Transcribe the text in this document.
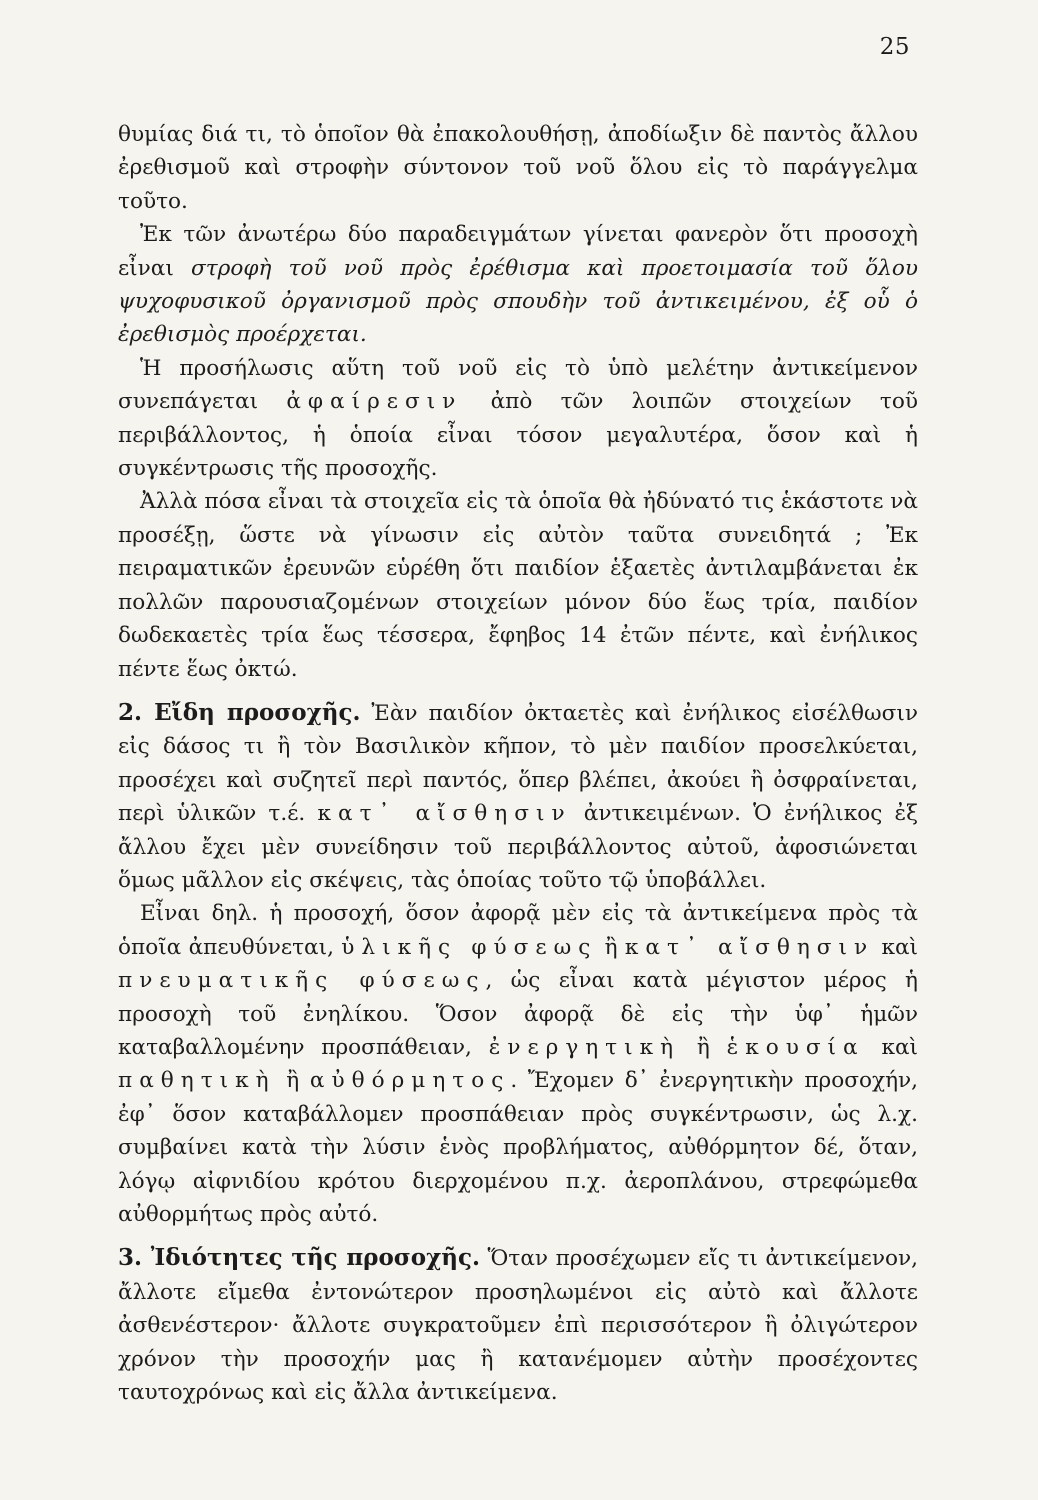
25

θυμίας διά τι, τὸ ὁποῖον θὰ ἐπακολουθήσῃ, ἀποδίωξιν δὲ παντὸς ἄλλου ἐρεθισμοῦ καὶ στροφὴν σύντονον τοῦ νοῦ ὅλου εἰς τὸ παράγγελμα τοῦτο.

Ἐκ τῶν ἀνωτέρω δύο παραδειγμάτων γίνεται φανερὸν ὅτι προσοχὴ εἶναι στροφὴ τοῦ νοῦ πρὸς ἐρέθισμα καὶ προετοιμασία τοῦ ὅλου ψυχοφυσικοῦ ὀργανισμοῦ πρὸς σπουδὴν τοῦ ἀντικειμένου, ἐξ οὗ ὁ ἐρεθισμὸς προέρχεται.

Ἡ προσήλωσις αὕτη τοῦ νοῦ εἰς τὸ ὑπὸ μελέτην ἀντικείμενον συνεπάγεται ἀφαίρεσιν ἀπὸ τῶν λοιπῶν στοιχείων τοῦ περιβάλλοντος, ἡ ὁποία εἶναι τόσον μεγαλυτέρα, ὅσον καὶ ἡ συγκέντρωσις τῆς προσοχῆς.

Ἀλλὰ πόσα εἶναι τὰ στοιχεῖα εἰς τὰ ὁποῖα θὰ ἠδύνατό τις ἑκάστοτε νὰ προσέξῃ, ὥστε νὰ γίνωσιν εἰς αὐτὸν ταῦτα συνειδητά ; Ἐκ πειραματικῶν ἐρευνῶν εὑρέθη ὅτι παιδίον ἑξαετὲς ἀντιλαμβάνεται ἐκ πολλῶν παρουσιαζομένων στοιχείων μόνον δύο ἕως τρία, παιδίον δωδεκαετὲς τρία ἕως τέσσερα, ἔφηβος 14 ἐτῶν πέντε, καὶ ἐνήλικος πέντε ἕως ὀκτώ.

2. Εἴδη προσοχῆς. Ἐὰν παιδίον ὀκταετὲς καὶ ἐνήλικος εἰσέλθωσιν εἰς δάσος τι ἢ τὸν Βασιλικὸν κῆπον, τὸ μὲν παιδίον προσελκύεται, προσέχει καὶ συζητεῖ περὶ παντός, ὅπερ βλέπει, ἀκούει ἢ ὀσφραίνεται, περὶ ὑλικῶν τ.έ. κατ᾽ αἴσθησιν ἀντικειμένων. Ὁ ἐνήλικος ἐξ ἄλλου ἔχει μὲν συνείδησιν τοῦ περιβάλλοντος αὐτοῦ, ἀφοσιώνεται ὅμως μᾶλλον εἰς σκέψεις, τὰς ὁποίας τοῦτο τῷ ὑποβάλλει.

Εἶναι δηλ. ἡ προσοχή, ὅσον ἀφορᾷ μὲν εἰς τὰ ἀντικείμενα πρὸς τὰ ὁποῖα ἀπευθύνεται, ὑλικῆς φύσεως ἢ κατ᾽ αἴσθησιν καὶ πνευματικῆς φύσεως, ὡς εἶναι κατὰ μέγιστον μέρος ἡ προσοχὴ τοῦ ἐνηλίκου. Ὅσον ἀφορᾷ δὲ εἰς τὴν ὑφ᾽ ἡμῶν καταβαλλομένην προσπάθειαν, ἐνεργητικὴ ἢ ἑκουσία καὶ παθητικὴ ἢ αὐθόρμητος. Ἔχομεν δ᾽ ἐνεργητικὴν προσοχήν, ἐφ᾽ ὅσον καταβάλλομεν προσπάθειαν πρὸς συγκέντρωσιν, ὡς λ.χ. συμβαίνει κατὰ τὴν λύσιν ἑνὸς προβλήματος, αὐθόρμητον δέ, ὅταν, λόγῳ αἰφνιδίου κρότου διερχομένου π.χ. ἀεροπλάνου, στρεφώμεθα αὐθορμήτως πρὸς αὐτό.

3. Ἰδιότητες τῆς προσοχῆς. Ὅταν προσέχωμεν εἴς τι ἀντικείμενον, ἄλλοτε εἴμεθα ἐντονώτερον προσηλωμένοι εἰς αὐτὸ καὶ ἄλλοτε ἀσθενέστερον· ἄλλοτε συγκρατοῦμεν ἐπὶ περισσότερον ἢ ὀλιγώτερον χρόνον τὴν προσοχήν μας ἢ κατανέμομεν αὐτὴν προσέχοντες ταυτοχρόνως καὶ εἰς ἄλλα ἀντικείμενα.
